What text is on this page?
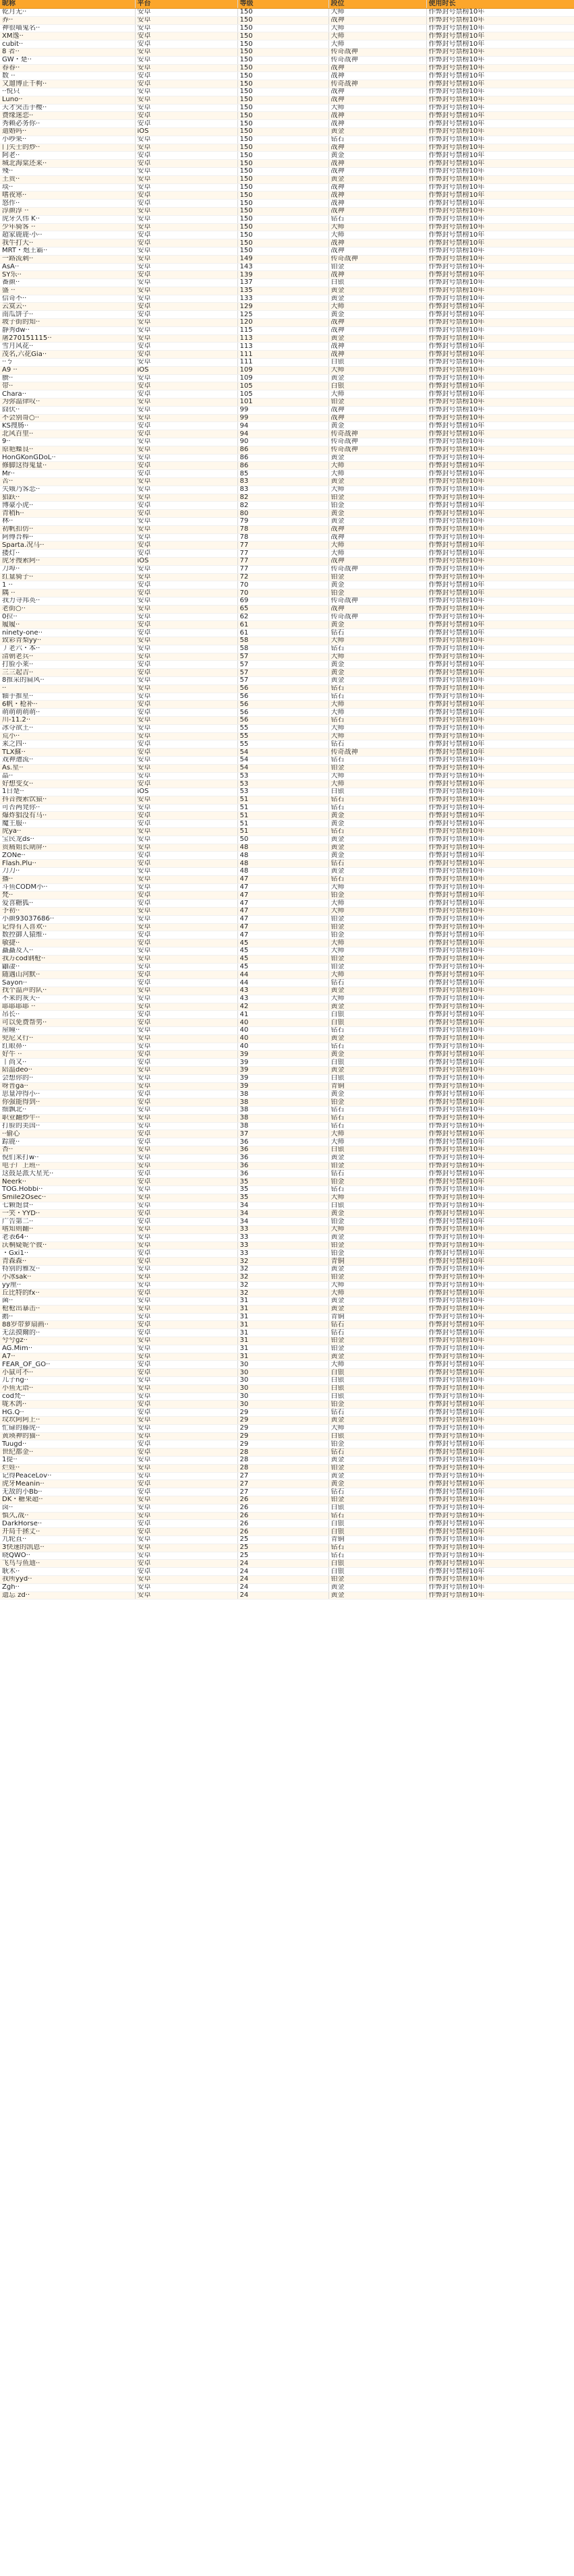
昵称	平台	等级	段位	使用时长
乾月无··	安卓	150	大师	作弊封号禁榜10年
养··	安卓	150	战神	作弊封号禁榜10年
神很喵鬼名··	安卓	150	大师	作弊封号禁榜10年
XM逸··	安卓	150	大师	作弊封号禁榜10年
cubit··	安卓	150	大师	作弊封号禁榜10年
8 者··	安卓	150	传奇战神	作弊封号禁榜10年
GW・楚··	安卓	150	传奇战神	作弊封号禁榜10年
春春··	安卓	150	战神	作弊封号禁榜10年
数 ··	安卓	150	战神	作弊封号禁榜10年
又遛博止千枸··	安卓	150	传奇战神	作弊封号禁榜10年
··悦只	安卓	150	战神	作弊封号禁榜10年
Luno··	安卓	150	战神	作弊封号禁榜10年
天才突击手樱··	安卓	150	大师	作弊封号禁榜10年
费缘迷恋··	安卓	150	战神	作弊封号禁榜10年
秀赖必务你··	安卓	150	战神	作弊封号禁榜10年
遣婚吗··	iOS	150	黄金	作弊封号禁榜10年
小吵果··	安卓	150	钻石	作弊封号禁榜10年
门失士的炒··	安卓	150	战神	作弊封号禁榜10年
阿老··	安卓	150	黄金	作弊封号禁榜10年
城北海棠还来··	安卓	150	战神	作弊封号禁榜10年
殘··	安卓	150	战神	作弊封号禁榜10年
王贵··	安卓	150	黄金	作弊封号禁榜10年
琰··	安卓	150	战神	作弊封号禁榜10年
嗜夜寒··	安卓	150	战神	作弊封号禁榜10年
怒作··	安卓	150	战神	作弊封号禁榜10年
淳颜淳 ··	安卓	150	战神	作弊封号禁榜10年
虎牙久伟 K··	安卓	150	钻石	作弊封号禁榜10年
少年骑客 ··	安卓	150	大师	作弊封号禁榜10年
超家鹿鹿·小··	安卓	150	大师	作弊封号禁榜10年
我牛打大··	安卓	150	战神	作弊封号禁榜10年
MRT・炮王霸··	安卓	150	战神	作弊封号禁榜10年
一路流刺··	安卓	149	传奇战神	作弊封号禁榜10年
AsA··	安卓	143	铂金	作弊封号禁榜10年
SY乐··	安卓	139	战神	作弊封号禁榜10年
番颜··	安卓	137	白银	作弊封号禁榜10年
盛 ··	安卓	135	黄金	作弊封号禁榜10年
信奇不··	安卓	133	黄金	作弊封号禁榜10年
云寞云··	安卓	129	大师	作弊封号禁榜10年
南瓜饼子··	安卓	125	黄金	作弊封号禁榜10年
坡子街的知··	安卓	120	战神	作弊封号禁榜10年
静秀dw··	安卓	115	战神	作弊封号禁榜10年
屠270151115··	安卓	113	黄金	作弊封号禁榜10年
雪月风花··	安卓	113	战神	作弊封号禁榜10年
茂名,六花Gia··	安卓	111	战神	作弊封号禁榜10年
··ㄅ	安卓	111	白银	作弊封号禁榜10年
A9 ··	iOS	109	大师	作弊封号禁榜10年
臜··	安卓	109	黄金	作弊封号禁榜10年
带··	安卓	105	白银	作弊封号禁榜10年
Chara··	安卓	105	大师	作弊封号禁榜10年
为弥温律叹··	安卓	101	铂金	作弊封号禁榜10年
囧伏··	安卓	99	战神	作弊封号禁榜10年
不会别哥○··	安卓	99	战神	作弊封号禁榜10年
KS搜肠··	安卓	94	黄金	作弊封号禁榜10年
北风百里··	安卓	94	传奇战神	作弊封号禁榜10年
9··	安卓	90	传奇战神	作弊封号禁榜10年
原艳蝶良··	安卓	86	传奇战神	作弊封号禁榜10年
HonGKonGDoL··	安卓	86	黄金	作弊封号禁榜10年
修脚这得鬼量··	安卓	86	大师	作弊封号禁榜10年
Mr··	安卓	85	大师	作弊封号禁榜10年
苦··	安卓	83	黄金	作弊封号禁榜10年
失娥乃客恋··	安卓	83	大师	作弊封号禁榜10年
猖跃··	安卓	82	铂金	作弊封号禁榜10年
博豪小虎··	安卓	82	铂金	作弊封号禁榜10年
青稍h··	安卓	80	黄金	作弊封号禁榜10年
林··	安卓	79	黄金	作弊封号禁榜10年
初帆扣仿··	安卓	78	战神	作弊封号禁榜10年
阿傅吾棒··	安卓	78	战神	作弊封号禁榜10年
Sparta.况马··	安卓	77	大师	作弊封号禁榜10年
搂灯··	安卓	77	大师	作弊封号禁榜10年
虎牙搜索阿··	iOS	77	战神	作弊封号禁榜10年
刀埠··	安卓	77	传奇战神	作弊封号禁榜10年
红量骑子··	安卓	72	铂金	作弊封号禁榜10年
1 ··	安卓	70	黄金	作弊封号禁榜10年
隅 ··	安卓	70	铂金	作弊封号禁榜10年
我力寻邦英··	安卓	69	传奇战神	作弊封号禁榜10年
老街○··	安卓	65	战神	作弊封号禁榜10年
0拉··	安卓	62	传奇战神	作弊封号禁榜10年
履履··	安卓	61	黄金	作弊封号禁榜10年
ninety-one··	安卓	61	钻石	作弊封号禁榜10年
致彩青梨yy··	安卓	58	大师	作弊封号禁榜10年
丿老六・本··	安卓	58	钻石	作弊封号禁榜10年
清朝老兵··	安卓	57	大师	作弊封号禁榜10年
打脸小莱··	安卓	57	黄金	作弊封号禁榜10年
三三起吉··	安卓	57	黄金	作弊封号禁榜10年
8推采的扁风··	安卓	57	黄金	作弊封号禁榜10年
··	安卓	56	钻石	作弊封号禁榜10年
轴手推星··	安卓	56	钻石	作弊封号禁榜10年
6帆・枪补··	安卓	56	大师	作弊封号禁榜10年
萌萌萌萌萌··	安卓	56	大师	作弊封号禁榜10年
川-11.2··	安卓	56	钻石	作弊封号禁榜10年
冰夺欲王··	安卓	55	大师	作弊封号禁榜10年
荒小··	安卓	55	大师	作弊封号禁榜10年
来之四··	安卓	55	钻石	作弊封号禁榜10年
TLX蘇··	安卓	54	传奇战神	作弊封号禁榜10年
戏神遭流··	安卓	54	钻石	作弊封号禁榜10年
As.星··	安卓	54	铂金	作弊封号禁榜10年
晶··	安卓	53	大师	作弊封号禁榜10年
好想变女··	安卓	53	大师	作弊封号禁榜10年
1日楚··	iOS	53	白银	作弊封号禁榜10年
抖音搜索饮猿··	安卓	51	钻石	作弊封号禁榜10年
可否两凳你··	安卓	51	钻石	作弊封号禁榜10年
爆炸猖没有马··	安卓	51	黄金	作弊封号禁榜10年
魔王服··	安卓	51	黄金	作弊封号禁榜10年
虎ya··	安卓	51	钻石	作弊封号禁榜10年
宝民龙ds··	安卓	50	黄金	作弊封号禁榜10年
贵痛姐长期屏··	安卓	48	黄金	作弊封号禁榜10年
ZONe··	安卓	48	黄金	作弊封号禁榜10年
Flash.Plu··	安卓	48	钻石	作弊封号禁榜10年
刀刀··	安卓	48	黄金	作弊封号禁榜10年
播··	安卓	47	钻石	作弊封号禁榜10年
斗鱼CODM小··	安卓	47	大师	作弊封号禁榜10年
梵··	安卓	47	铂金	作弊封号禁榜10年
爱喜糖狐··	安卓	47	大师	作弊封号禁榜10年
予初··	安卓	47	大师	作弊封号禁榜10年
小颜93037686··	安卓	47	铂金	作弊封号禁榜10年
记得有人喜欢··	安卓	47	铂金	作弊封号禁榜10年
数控御人猿维··	安卓	47	铂金	作弊封号禁榜10年
敏捷··	安卓	45	大师	作弊封号禁榜10年
矗矗及人··	安卓	45	大师	作弊封号禁榜10年
我万cod钢枪··	安卓	45	铂金	作弊封号禁榜10年
鼬凄··	安卓	45	铂金	作弊封号禁榜10年
随遇山河默··	安卓	44	大师	作弊封号禁榜10年
Sayon··	安卓	44	钻石	作弊封号禁榜10年
找个温声的队··	安卓	43	黄金	作弊封号禁榜10年
不来的灰天··	安卓	43	大师	作弊封号禁榜10年
耶耶耶耶 ··	安卓	42	黄金	作弊封号禁榜10年
吊长··	安卓	41	白银	作弊封号禁榜10年
可以免费帮男··	安卓	40	白银	作弊封号禁榜10年
屋瞳··	安卓	40	钻石	作弊封号禁榜10年
兜尼又行··	安卓	40	黄金	作弊封号禁榜10年
红眼鼻··	安卓	40	钻石	作弊封号禁榜10年
好牛 ··	安卓	39	黄金	作弊封号禁榜10年
丨尚又··	安卓	39	白银	作弊封号禁榜10年
陪温deo··	安卓	39	黄金	作弊封号禁榜10年
会想你的··	安卓	39	白银	作弊封号禁榜10年
呀普ga··	安卓	39	青铜	作弊封号禁榜10年
思量冲得小··	安卓	38	黄金	作弊封号禁榜10年
你强能得到··	安卓	38	铂金	作弊封号禁榜10年
细飘北··	安卓	38	钻石	作弊封号禁榜10年
职业翻炒牛··	安卓	38	钻石	作弊封号禁榜10年
打脸的美国··	安卓	38	钻石	作弊封号禁榜10年
··偷心	安卓	37	大师	作弊封号禁榜10年
踪鹿··	安卓	36	大师	作弊封号禁榜10年
杏··	安卓	36	白银	作弊封号禁榜10年
倪们来打w··	安卓	36	黄金	作弊封号禁榜10年
电子厂上班··	安卓	36	铂金	作弊封号禁榜10年
这鼓是派大星光··	安卓	36	钻石	作弊封号禁榜10年
Neerk··	安卓	35	铂金	作弊封号禁榜10年
TOG.Hobbi··	安卓	35	钻石	作弊封号禁榜10年
Smile2Osec··	安卓	35	大师	作弊封号禁榜10年
七颗饱食··	安卓	34	白银	作弊封号禁榜10年
一笑・YYD··	安卓	34	黄金	作弊封号禁榜10年
广告第二··	安卓	34	铂金	作弊封号禁榜10年
嗜知则翻··	安卓	33	大师	作弊封号禁榜10年
老表64··	安卓	33	黄金	作弊封号禁榜10年
沃桐疑妮个彼··	安卓	33	铂金	作弊封号禁榜10年
・Gxi1··	安卓	33	铂金	作弊封号禁榜10年
青森森··	安卓	32	青铜	作弊封号禁榜10年
特别的雅发··	安卓	32	黄金	作弊封号禁榜10年
小冰sak··	安卓	32	铂金	作弊封号禁榜10年
yy厘··	安卓	32	大师	作弊封号禁榜10年
丘比特的fx··	安卓	32	大师	作弊封号禁榜10年
菌··	安卓	31	黄金	作弊封号禁榜10年
枪枪出暴击··	安卓	31	黄金	作弊封号禁榜10年
鹅··	安卓	31	青铜	作弊封号禁榜10年
88岁带萝扇画··	安卓	31	钻石	作弊封号禁榜10年
无法摸爾的··	安卓	31	钻石	作弊封号禁榜10年
兮兮gz··	安卓	31	铂金	作弊封号禁榜10年
AG.Mim··	安卓	31	铂金	作弊封号禁榜10年
A7··	安卓	31	黄金	作弊封号禁榜10年
FEAR_OF_GO··	安卓	30	大师	作弊封号禁榜10年
小鼠可不··	安卓	30	白银	作弊封号禁榜10年
儿子ng··	安卓	30	白银	作弊封号禁榜10年
小鱼无语··	安卓	30	白银	作弊封号禁榜10年
cod梵··	安卓	30	白银	作弊封号禁榜10年
咙木鸽··	安卓	30	铂金	作弊封号禁榜10年
HG.Q··	安卓	29	钻石	作弊封号禁榜10年
坟坎阿阿上··	安卓	29	黄金	作弊封号禁榜10年
忙碌的藤虎··	安卓	29	大师	作弊封号禁榜10年
黄瑛神的猫··	安卓	29	白银	作弊封号禁榜10年
Tuugd··	安卓	29	铂金	作弊封号禁榜10年
世纪都金··	安卓	28	钻石	作弊封号禁榜10年
1提··	安卓	28	黄金	作弊封号禁榜10年
烂娃··	安卓	28	铂金	作弊封号禁榜10年
记得PeaceLov··	安卓	27	黄金	作弊封号禁榜10年
虎牙Meanin··	安卓	27	黄金	作弊封号禁榜10年
无敌的小Bb··	安卓	27	钻石	作弊封号禁榜10年
DK・糖果超··	安卓	26	铂金	作弊封号禁榜10年
卤··	安卓	26	白银	作弊封号禁榜10年
慎久,战··	安卓	26	钻石	作弊封号禁榜10年
DarkHorse··	安卓	26	白银	作弊封号禁榜10年
开局千拯丈··	安卓	26	白银	作弊封号禁榜10年
九轮直··	安卓	25	青铜	作弊封号禁榜10年
3快速的凯恩··	安卓	25	钻石	作弊封号禁榜10年
晓QWO··	安卓	25	钻石	作弊封号禁榜10年
飞鸟与鱼迪··	安卓	24	白银	作弊封号禁榜10年
耿木··	安卓	24	白银	作弊封号禁榜10年
我所yyd··	安卓	24	铂金	作弊封号禁榜10年
Zgh··	安卓	24	黄金	作弊封号禁榜10年
遗忘 zd··	安卓	24	黄金	作弊封号禁榜10年
